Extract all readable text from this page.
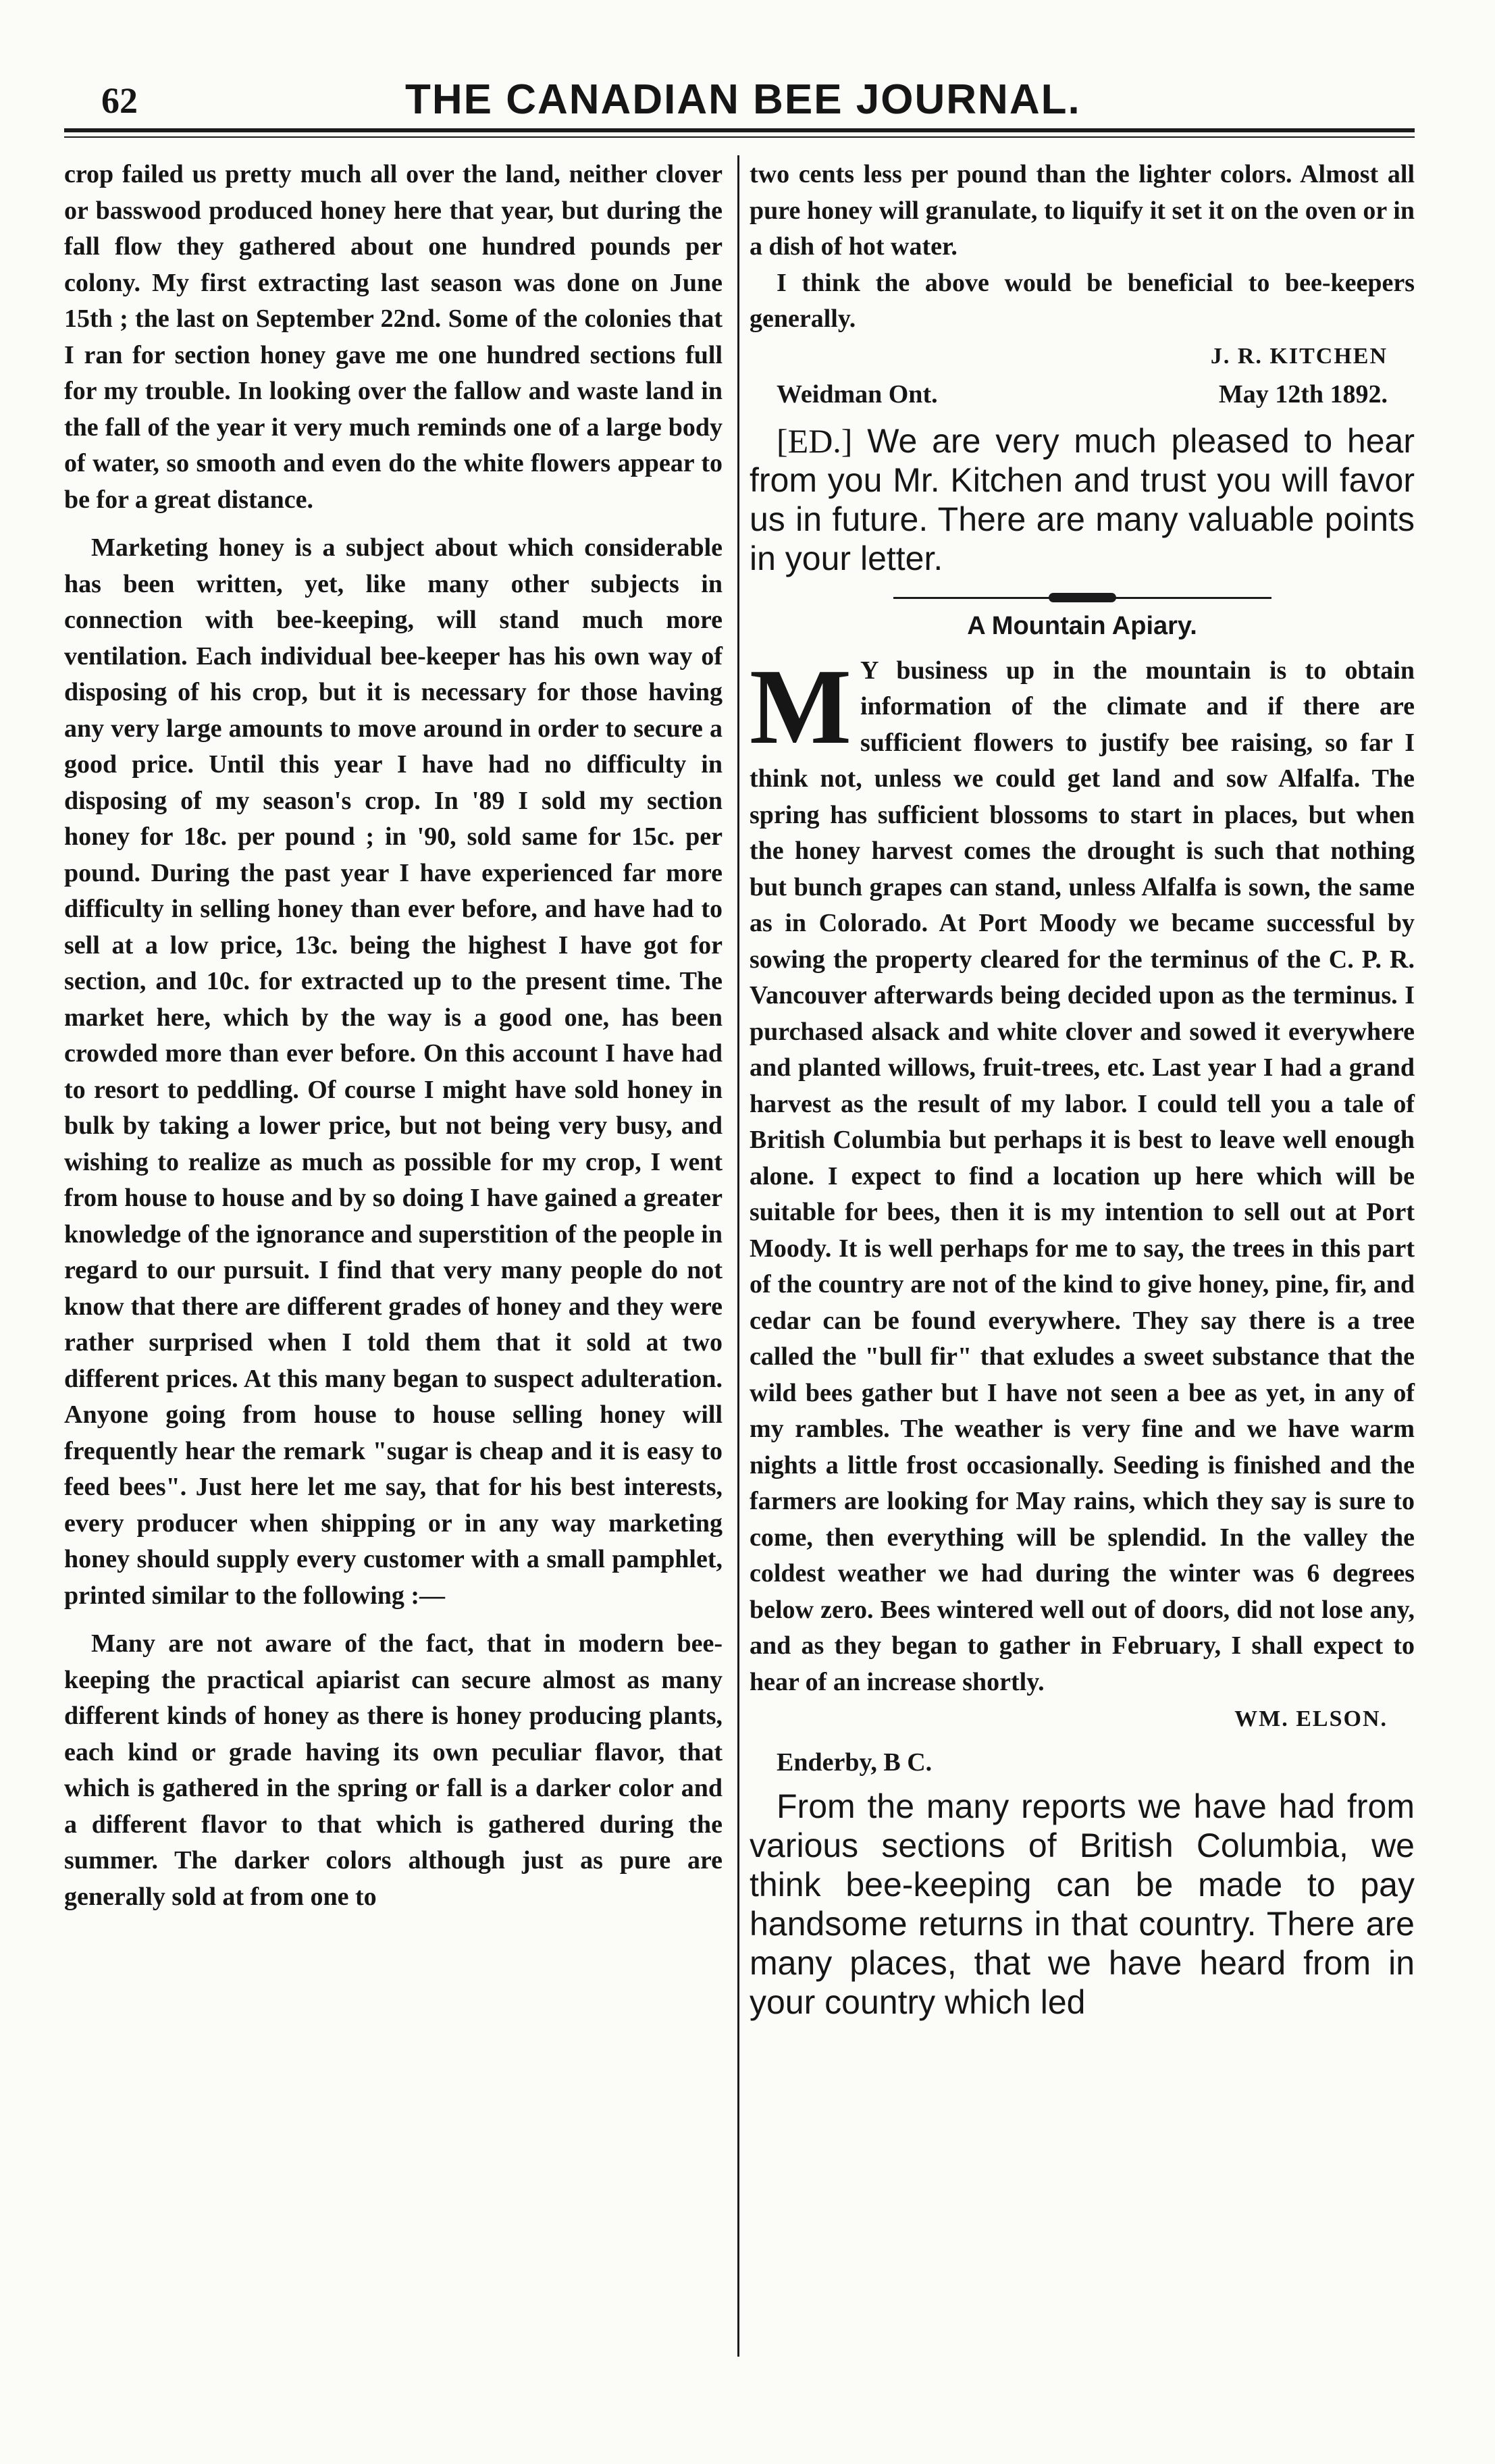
62	THE CANADIAN BEE JOURNAL.

crop failed us pretty much all over the land, neither clover or basswood produced honey here that year, but during the fall flow they gathered about one hundred pounds per colony. My first extracting last season was done on June 15th ; the last on September 22nd. Some of the colonies that I ran for section honey gave me one hundred sections full for my trouble. In looking over the fallow and waste land in the fall of the year it very much reminds one of a large body of water, so smooth and even do the white flowers appear to be for a great distance.

Marketing honey is a subject about which considerable has been written, yet, like many other subjects in connection with bee-keeping, will stand much more ventilation. Each individual bee-keeper has his own way of disposing of his crop, but it is necessary for those having any very large amounts to move around in order to secure a good price. Until this year I have had no difficulty in disposing of my season's crop. In '89 I sold my section honey for 18c. per pound ; in '90, sold same for 15c. per pound. During the past year I have experienced far more difficulty in selling honey than ever before, and have had to sell at a low price, 13c. being the highest I have got for section, and 10c. for extracted up to the present time. The market here, which by the way is a good one, has been crowded more than ever before. On this account I have had to resort to peddling. Of course I might have sold honey in bulk by taking a lower price, but not being very busy, and wishing to realize as much as possible for my crop, I went from house to house and by so doing I have gained a greater knowledge of the ignorance and superstition of the people in regard to our pursuit. I find that very many people do not know that there are different grades of honey and they were rather surprised when I told them that it sold at two different prices. At this many began to suspect adulteration. Anyone going from house to house selling honey will frequently hear the remark "sugar is cheap and it is easy to feed bees". Just here let me say, that for his best interests, every producer when shipping or in any way marketing honey should supply every customer with a small pamphlet, printed similar to the following :—

Many are not aware of the fact, that in modern bee-keeping the practical apiarist can secure almost as many different kinds of honey as there is honey producing plants, each kind or grade having its own peculiar flavor, that which is gathered in the spring or fall is a darker color and a different flavor to that which is gathered during the summer. The darker colors although just as pure are generally sold at from one to

two cents less per pound than the lighter colors. Almost all pure honey will granulate, to liquify it set it on the oven or in a dish of hot water.

I think the above would be beneficial to bee-keepers generally.

J. R. KITCHEN
Weidman Ont.	May 12th 1892.

[ED.] We are very much pleased to hear from you Mr. Kitchen and trust you will favor us in future. There are many valuable points in your letter.

A Mountain Apiary.
M Y business up in the mountain is to obtain information of the climate and if there are sufficient flowers to justify bee raising, so far I think not, unless we could get land and sow Alfalfa. The spring has sufficient blossoms to start in places, but when the honey harvest comes the drought is such that nothing but bunch grapes can stand, unless Alfalfa is sown, the same as in Colorado. At Port Moody we became successful by sowing the property cleared for the terminus of the C. P. R. Vancouver afterwards being decided upon as the terminus. I purchased alsack and white clover and sowed it everywhere and planted willows, fruit-trees, etc. Last year I had a grand harvest as the result of my labor. I could tell you a tale of British Columbia but perhaps it is best to leave well enough alone. I expect to find a location up here which will be suitable for bees, then it is my intention to sell out at Port Moody. It is well perhaps for me to say, the trees in this part of the country are not of the kind to give honey, pine, fir, and cedar can be found everywhere. They say there is a tree called the "bull fir" that exludes a sweet substance that the wild bees gather but I have not seen a bee as yet, in any of my rambles. The weather is very fine and we have warm nights a little frost occasionally. Seeding is finished and the farmers are looking for May rains, which they say is sure to come, then everything will be splendid. In the valley the coldest weather we had during the winter was 6 degrees below zero. Bees wintered well out of doors, did not lose any, and as they began to gather in February, I shall expect to hear of an increase shortly.

WM. ELSON.
Enderby, B C.

From the many reports we have had from various sections of British Columbia, we think bee-keeping can be made to pay handsome returns in that country. There are many places, that we have heard from in your country which led
